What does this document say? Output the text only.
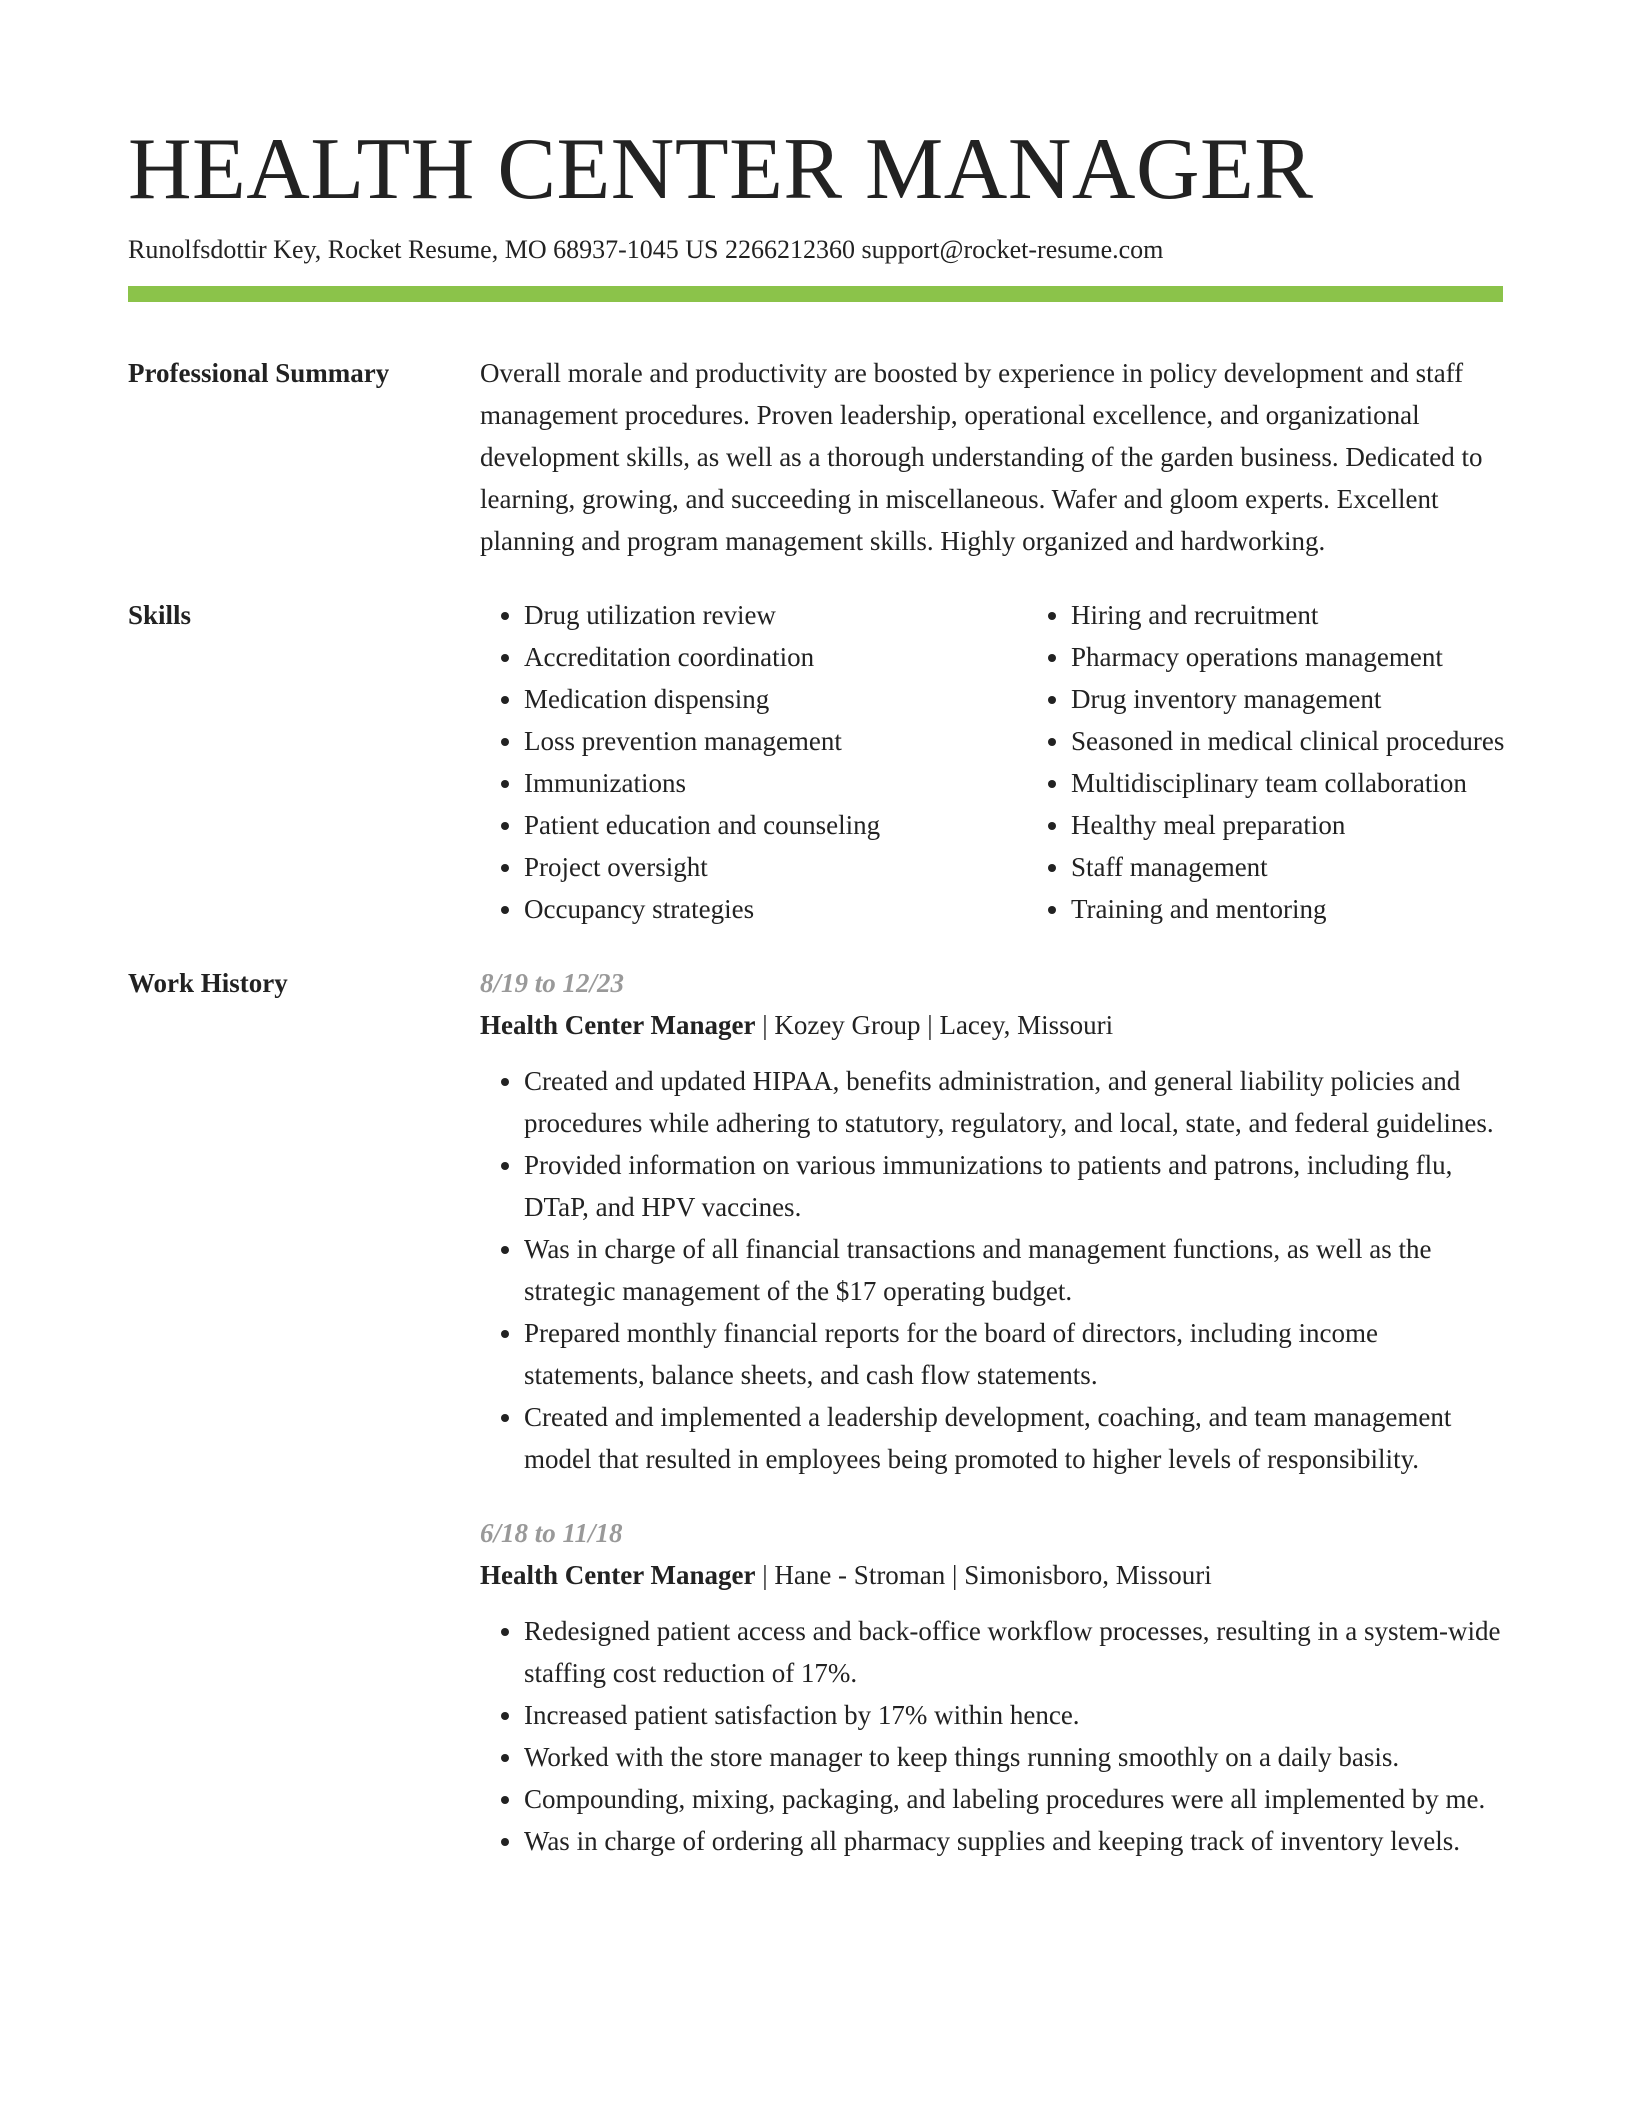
HEALTH CENTER MANAGER
Runolfsdottir Key, Rocket Resume, MO 68937-1045 US 2266212360 support@rocket-resume.com
Professional Summary	Overall morale and productivity are boosted by experience in policy development and staff management procedures. Proven leadership, operational excellence, and organizational development skills, as well as a thorough understanding of the garden business. Dedicated to learning, growing, and succeeding in miscellaneous. Wafer and gloom experts. Excellent planning and program management skills. Highly organized and hardworking.
Skills
•	Drug utilization review
• Accreditation coordination
• Medication dispensing
• Loss prevention management
• Immunizations
• Patient education and counseling
• Project oversight
• Occupancy strategies
• Hiring and recruitment
• Pharmacy operations management
• Drug inventory management
• Seasoned in medical clinical procedures
• Multidisciplinary team collaboration
• Healthy meal preparation
• Staff management
• Training and mentoring
Work History	8/19 to 12/23
Health Center Manager | Kozey Group | Lacey, Missouri
• Created and updated HIPAA, benefits administration, and general liability policies and procedures while adhering to statutory, regulatory, and local, state, and federal guidelines.
• Provided information on various immunizations to patients and patrons, including flu, DTaP, and HPV vaccines.
• Was in charge of all financial transactions and management functions, as well as the strategic management of the $17 operating budget.
• Prepared monthly financial reports for the board of directors, including income statements, balance sheets, and cash flow statements.
• Created and implemented a leadership development, coaching, and team management model that resulted in employees being promoted to higher levels of responsibility.
6/18 to 11/18
Health Center Manager | Hane - Stroman | Simonisboro, Missouri
• Redesigned patient access and back-office workflow processes, resulting in a system-wide staffing cost reduction of 17%.
• Increased patient satisfaction by 17% within hence.
• Worked with the store manager to keep things running smoothly on a daily basis.
• Compounding, mixing, packaging, and labeling procedures were all implemented by me.
• Was in charge of ordering all pharmacy supplies and keeping track of inventory levels.
